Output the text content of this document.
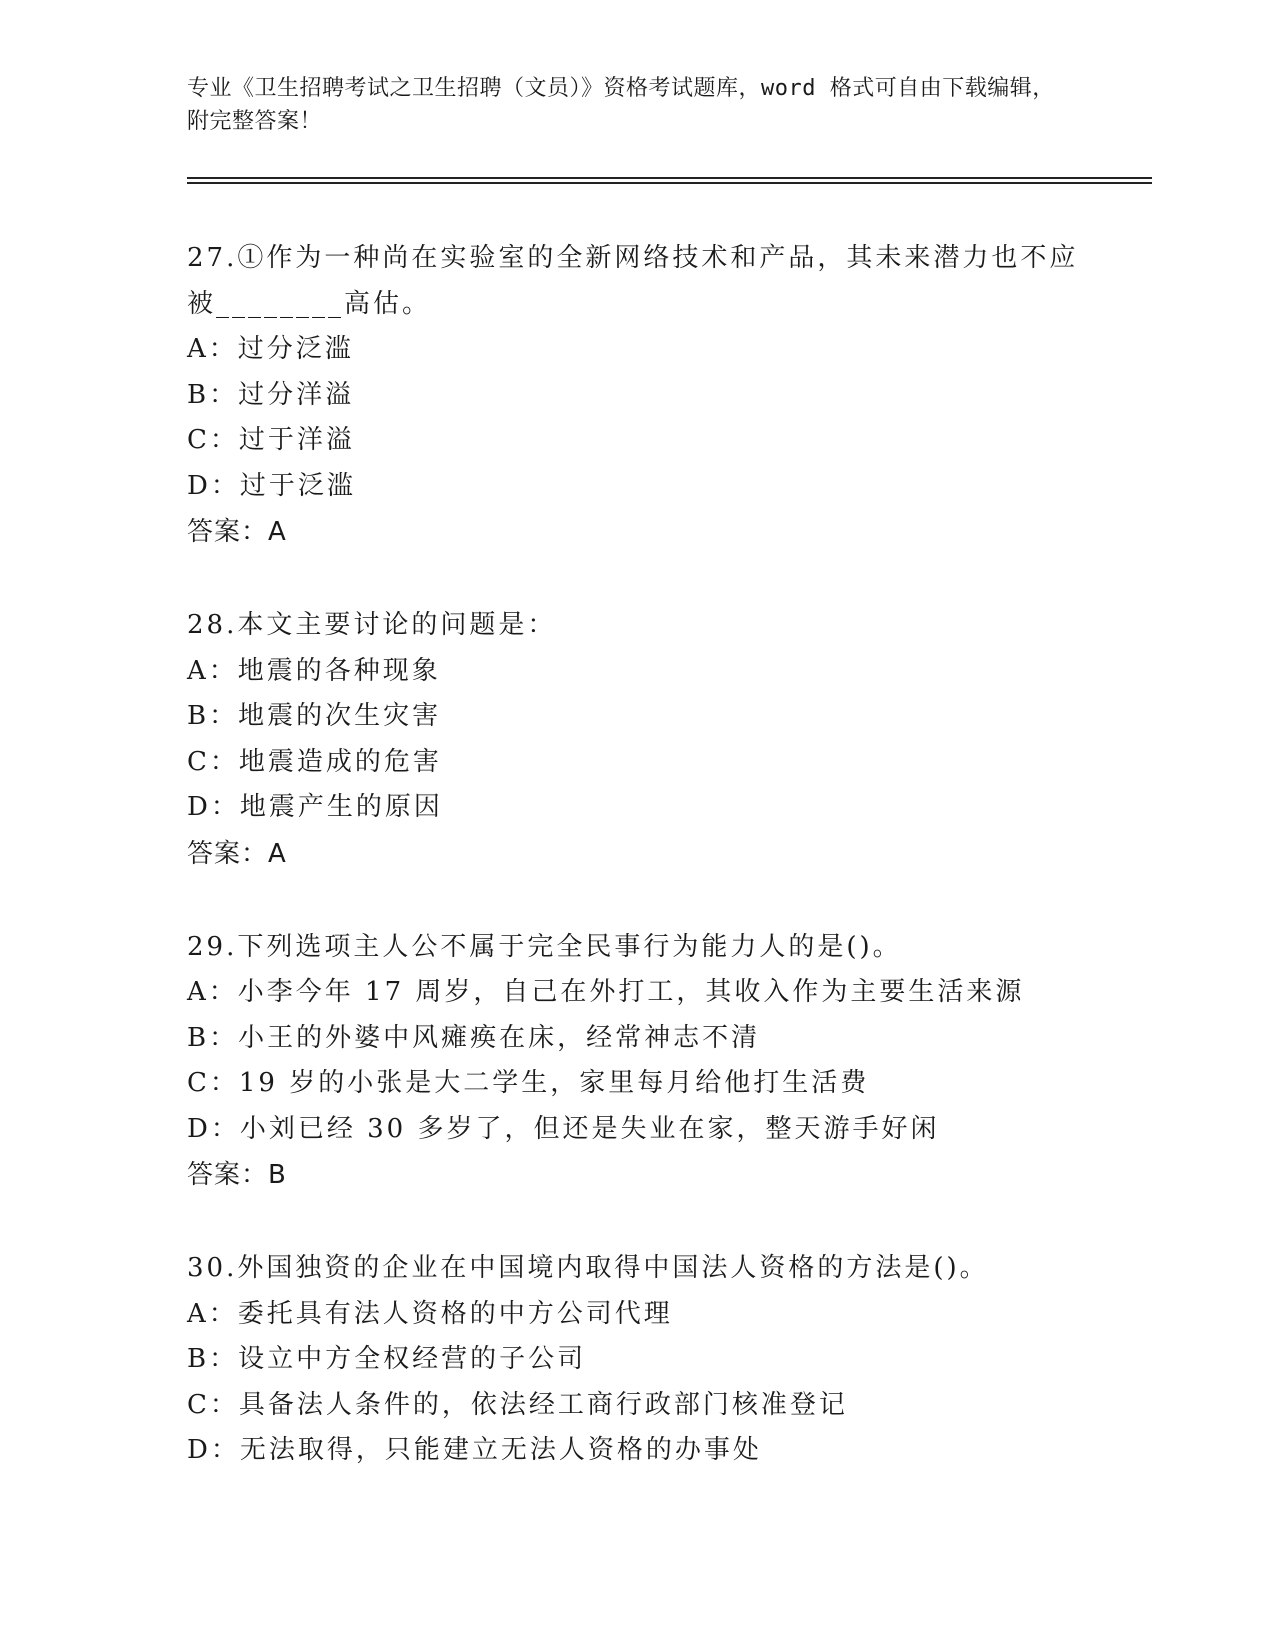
专业《卫生招聘考试之卫生招聘（文员）》资格考试题库，word 格式可自由下载编辑，附完整答案！
27.①作为一种尚在实验室的全新网络技术和产品，其未来潜力也不应被________高估。
A：过分泛滥
B：过分洋溢
C：过于洋溢
D：过于泛滥
答案：A
28.本文主要讨论的问题是：
A：地震的各种现象
B：地震的次生灾害
C：地震造成的危害
D：地震产生的原因
答案：A
29.下列选项主人公不属于完全民事行为能力人的是()。
A：小李今年 17 周岁，自己在外打工，其收入作为主要生活来源
B：小王的外婆中风瘫痪在床，经常神志不清
C：19 岁的小张是大二学生，家里每月给他打生活费
D：小刘已经 30 多岁了，但还是失业在家，整天游手好闲
答案：B
30.外国独资的企业在中国境内取得中国法人资格的方法是()。
A：委托具有法人资格的中方公司代理
B：设立中方全权经营的子公司
C：具备法人条件的，依法经工商行政部门核准登记
D：无法取得，只能建立无法人资格的办事处
